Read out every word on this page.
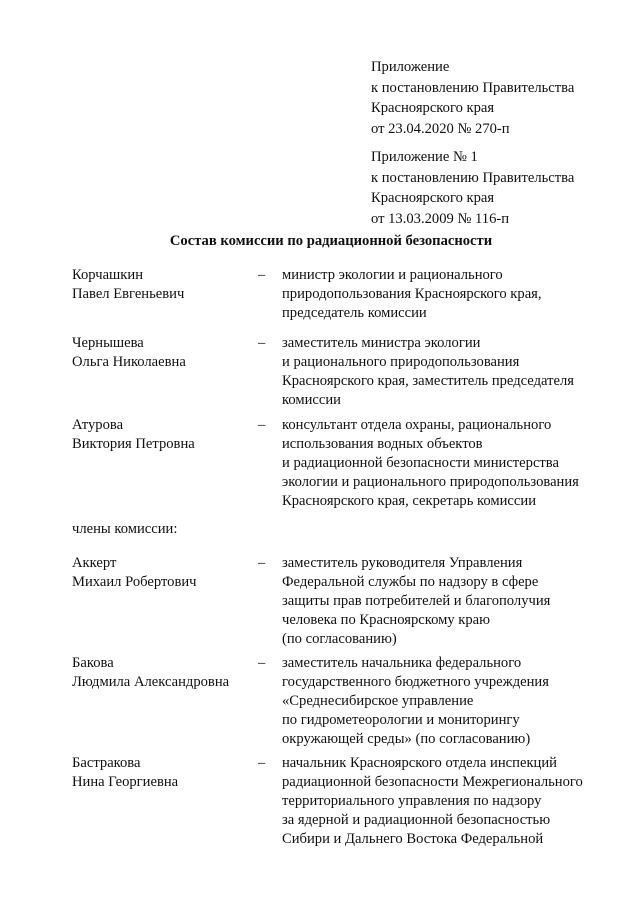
Приложение
к постановлению Правительства
Красноярского края
от 23.04.2020 № 270-п
Приложение № 1
к постановлению Правительства
Красноярского края
от 13.03.2009 № 116-п
Состав комиссии по радиационной безопасности
Корчашкин
Павел Евгеньевич
– министр экологии и рационального
природопользования Красноярского края,
председатель комиссии
Чернышева
Ольга Николаевна
– заместитель министра экологии
и рационального природопользования
Красноярского края, заместитель председателя
комиссии
Атурова
Виктория Петровна
– консультант отдела охраны, рационального
использования водных объектов
и радиационной безопасности министерства
экологии и рационального природопользования
Красноярского края, секретарь комиссии
члены комиссии:
Аккерт
Михаил Робертович
– заместитель руководителя Управления
Федеральной службы по надзору в сфере
защиты прав потребителей и благополучия
человека по Красноярскому краю
(по согласованию)
Бакова
Людмила Александровна
– заместитель начальника федерального
государственного бюджетного учреждения
«Среднесибирское управление
по гидрометеорологии и мониторингу
окружающей среды» (по согласованию)
Бастракова
Нина Георгиевна
– начальник Красноярского отдела инспекций
радиационной безопасности Межрегионального
территориального управления по надзору
за ядерной и радиационной безопасностью
Сибири и Дальнего Востока Федеральной
